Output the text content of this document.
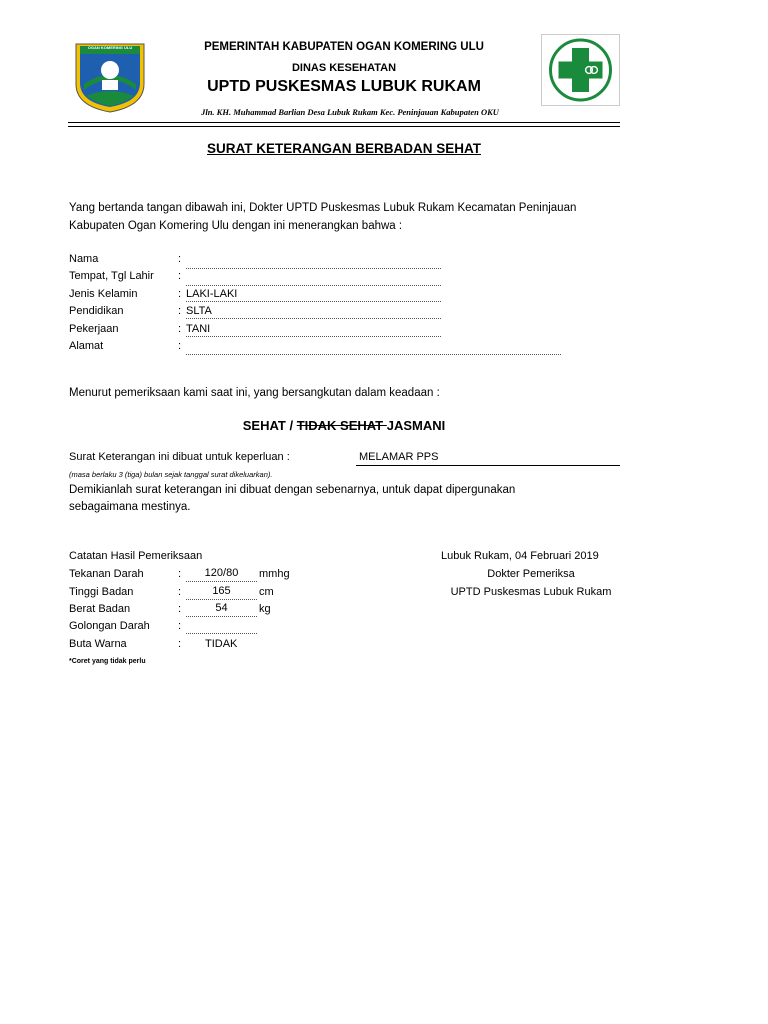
OGAN KOMERING ULU	PEMERINTAH KABUPATEN OGAN KOMERING ULU
DINAS KESEHATAN
UPTD PUSKESMAS LUBUK RUKAM
Jln. KH. Muhammad Barlian Desa Lubuk Rukam Kec. Peninjauan Kabupaten OKU
SURAT KETERANGAN BERBADAN SEHAT
Yang bertanda tangan dibawah ini, Dokter UPTD Puskesmas Lubuk Rukam Kecamatan Peninjauan
Kabupaten Ogan Komering Ulu dengan ini menerangkan bahwa :
Nama	:
Tempat, Tgl Lahir :
Jenis Kelamin	: LAKI-LAKI
Pendidikan	: SLTA
Pekerjaan	: TANI
Alamat	:
Menurut pemeriksaan kami saat ini, yang bersangkutan dalam keadaan :
SEHAT / TIDAK SEHAT JASMANI
Surat Keterangan ini dibuat untuk keperluan :	MELAMAR PPS
(masa berlaku 3 (tiga) bulan sejak tanggal surat dikeluarkan).
Demikianlah surat keterangan ini dibuat dengan sebenarnya, untuk dapat dipergunakan
sebagaimana mestinya.
Catatan Hasil Pemeriksaan
Tekanan Darah	:	120/80	mmhg
Tinggi Badan	:	165	cm
Berat Badan	:	54	kg
Golongan Darah	:
Buta Warna	: TIDAK
*Coret yang tidak perlu
Lubuk Rukam, 04 Februari 2019
Dokter Pemeriksa
UPTD Puskesmas Lubuk Rukam
